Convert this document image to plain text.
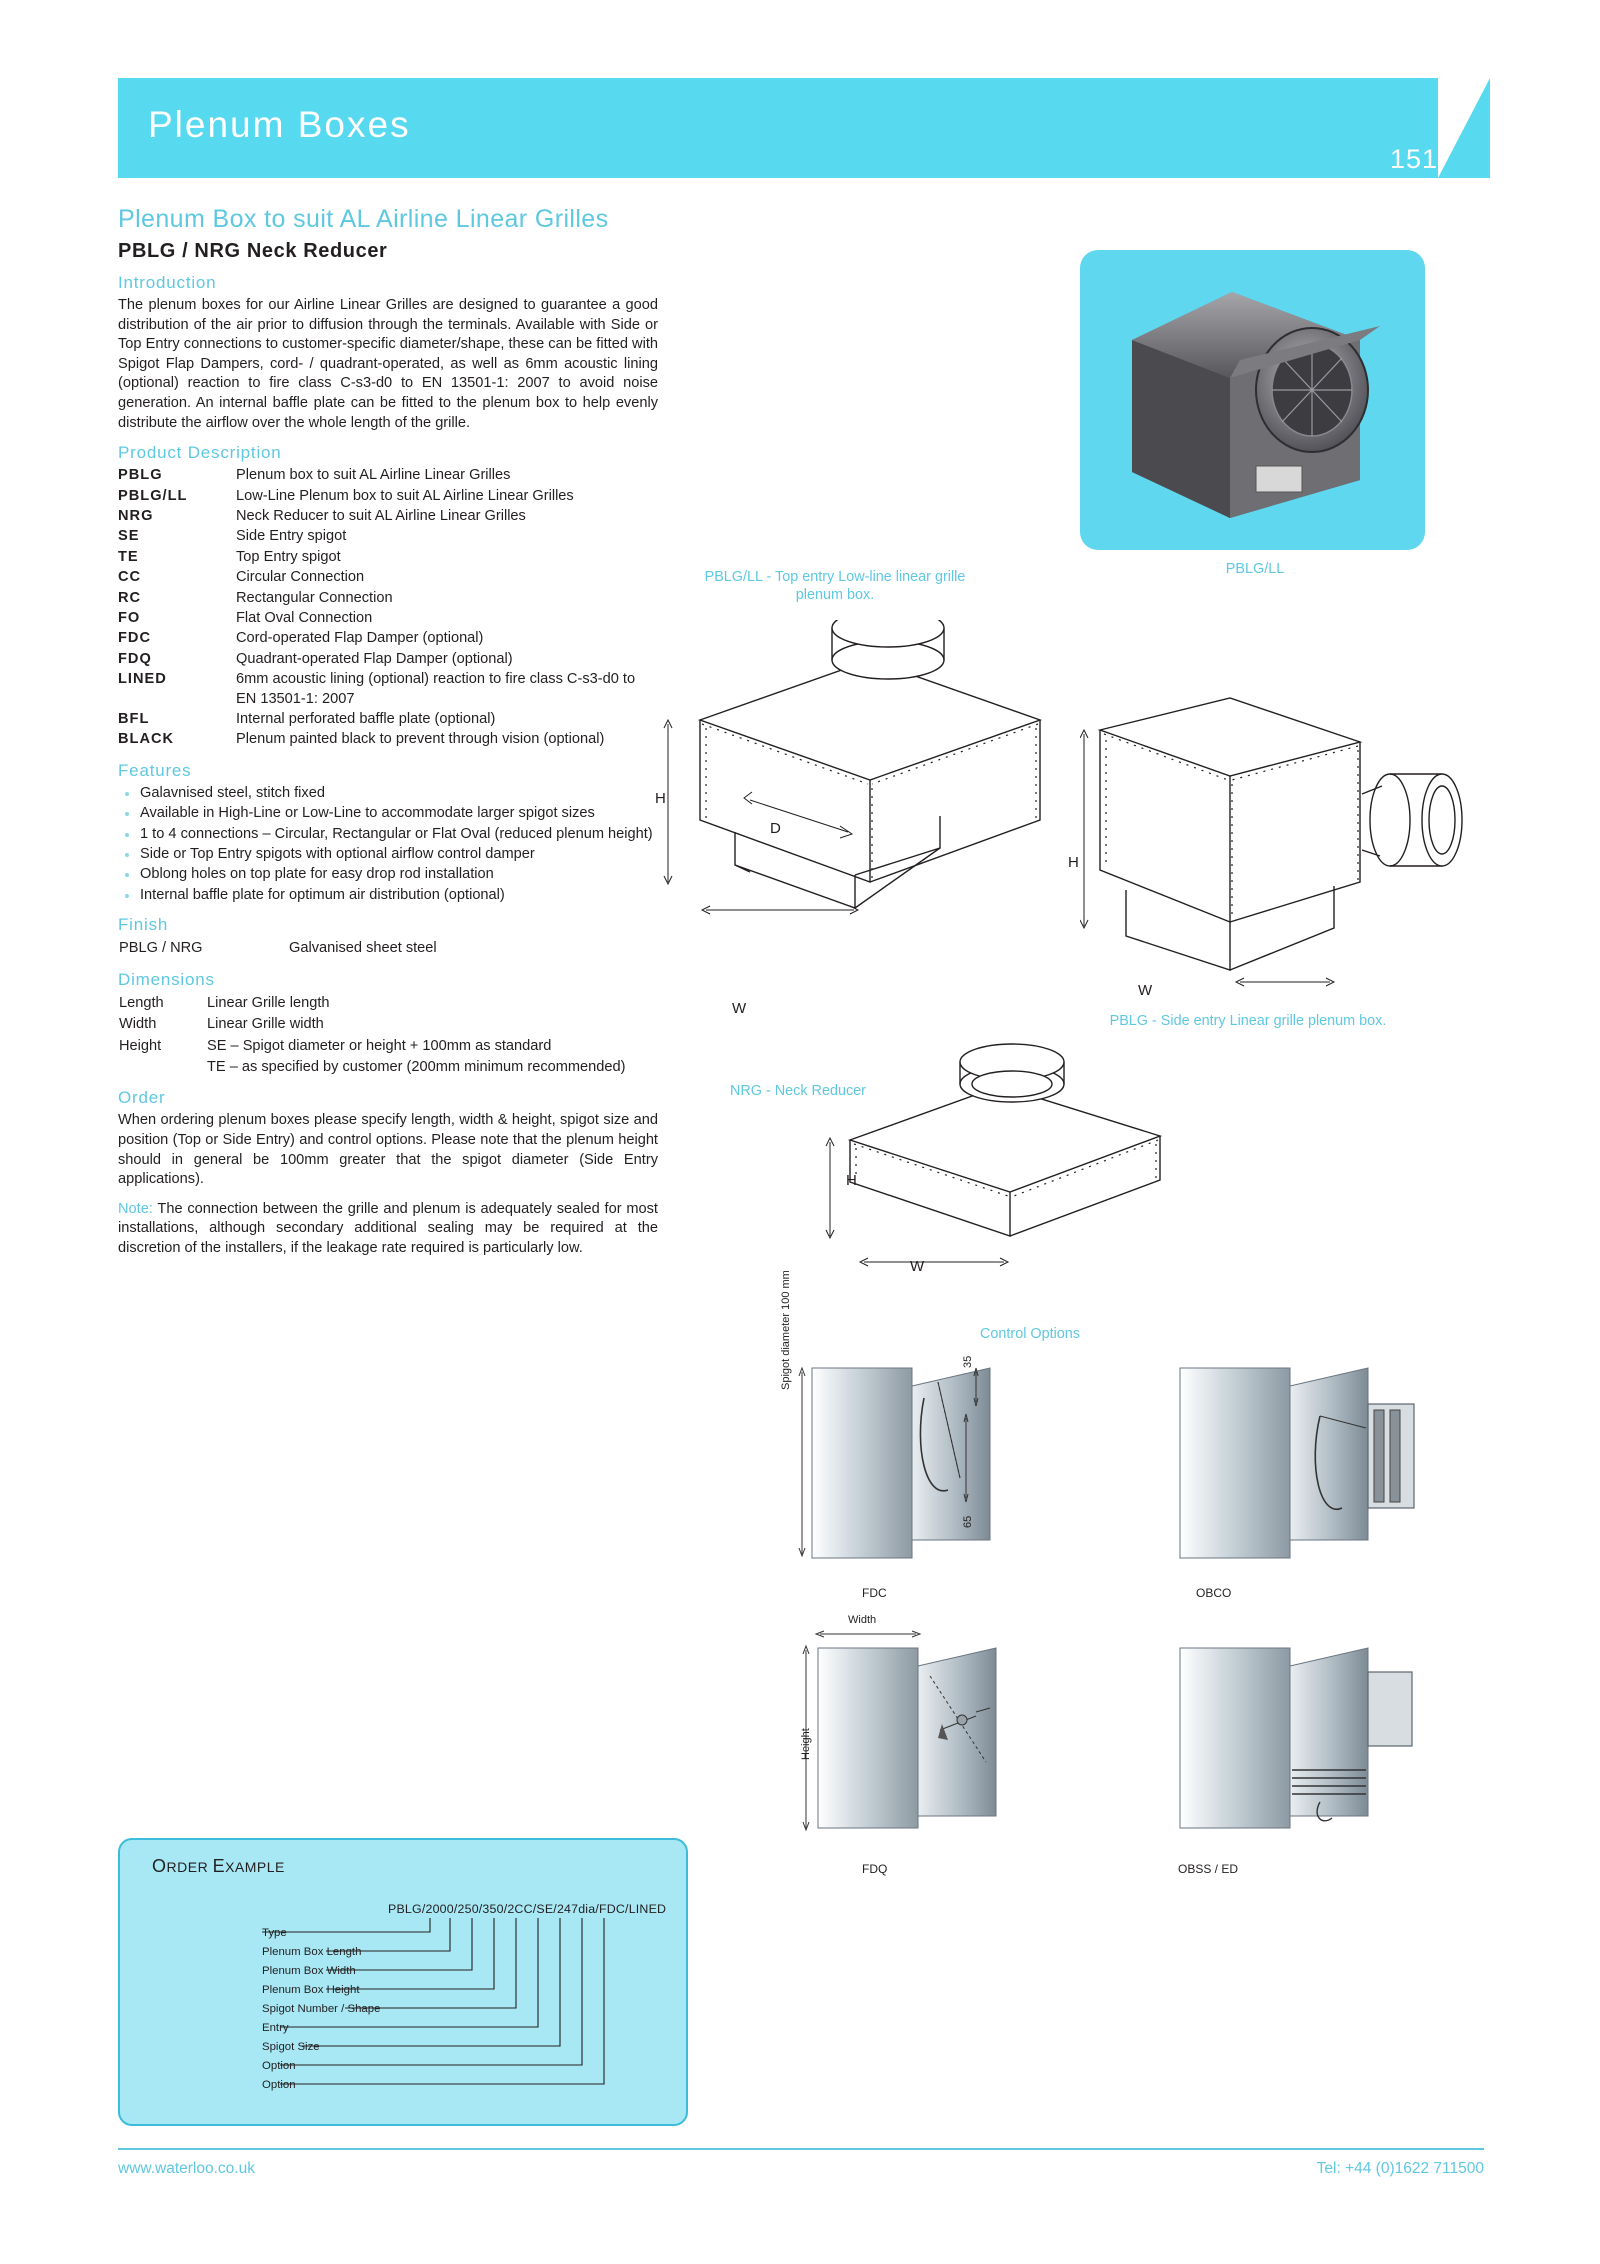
Plenum Boxes
151
Plenum Box to suit AL Airline Linear Grilles
PBLG / NRG Neck Reducer
Introduction
The plenum boxes for our Airline Linear Grilles are designed to guarantee a good distribution of the air prior to diffusion through the terminals. Available with Side or Top Entry connections to customer-specific diameter/shape, these can be fitted with Spigot Flap Dampers, cord- / quadrant-operated, as well as 6mm acoustic lining (optional) reaction to fire class C-s3-d0 to EN 13501-1: 2007 to avoid noise generation. An internal baffle plate can be fitted to the plenum box to help evenly distribute the airflow over the whole length of the grille.
Product Description
PBLG	Plenum box to suit AL Airline Linear Grilles
PBLG/LL	Low-Line Plenum box to suit AL Airline Linear Grilles
NRG	Neck Reducer to suit AL Airline Linear Grilles
SE	Side Entry spigot
TE	Top Entry spigot
CC	Circular Connection
RC	Rectangular Connection
FO	Flat Oval Connection
FDC	Cord-operated Flap Damper (optional)
FDQ	Quadrant-operated Flap Damper (optional)
LINED	6mm acoustic lining (optional) reaction to fire class C-s3-d0 to EN 13501-1: 2007
BFL	Internal perforated baffle plate (optional)
BLACK	Plenum painted black to prevent through vision (optional)
Features
Galavnised steel, stitch fixed
Available in High-Line or Low-Line to accommodate larger spigot sizes
1 to 4 connections – Circular, Rectangular or Flat Oval (reduced plenum height)
Side or Top Entry spigots with optional airflow control damper
Oblong holes on top plate for easy drop rod installation
Internal baffle plate for optimum air distribution (optional)
Finish
PBLG / NRG	Galvanised sheet steel
Dimensions
Length	Linear Grille length
Width	Linear Grille width
Height	SE – Spigot diameter or height + 100mm as standard
	TE – as specified by customer (200mm minimum recommended)
Order
When ordering plenum boxes please specify length, width & height, spigot size and position (Top or Side Entry) and control options. Please note that the plenum height should in general be 100mm greater that the spigot diameter (Side Entry applications).
Note: The connection between the grille and plenum is adequately sealed for most installations, although secondary additional sealing may be required at the discretion of the installers, if the leakage rate required is particularly low.
ORDER EXAMPLE
PBLG/2000/250/350/2CC/SE/247dia/FDC/LINED
Type
Plenum Box Length
Plenum Box Width
Plenum Box Height
Spigot Number / Shape
Entry
Spigot Size
Option
Option
PBLG/LL
PBLG/LL - Top entry Low-line linear grille plenum box.
H
W
D
H
W
PBLG - Side entry Linear grille plenum box.
NRG - Neck Reducer
H
W
Control Options
Spigot diameter 100 mm	35
65
FDC	OBCO
Width
Height
FDQ	OBSS / ED
www.waterloo.co.uk	Tel: +44 (0)1622 711500
